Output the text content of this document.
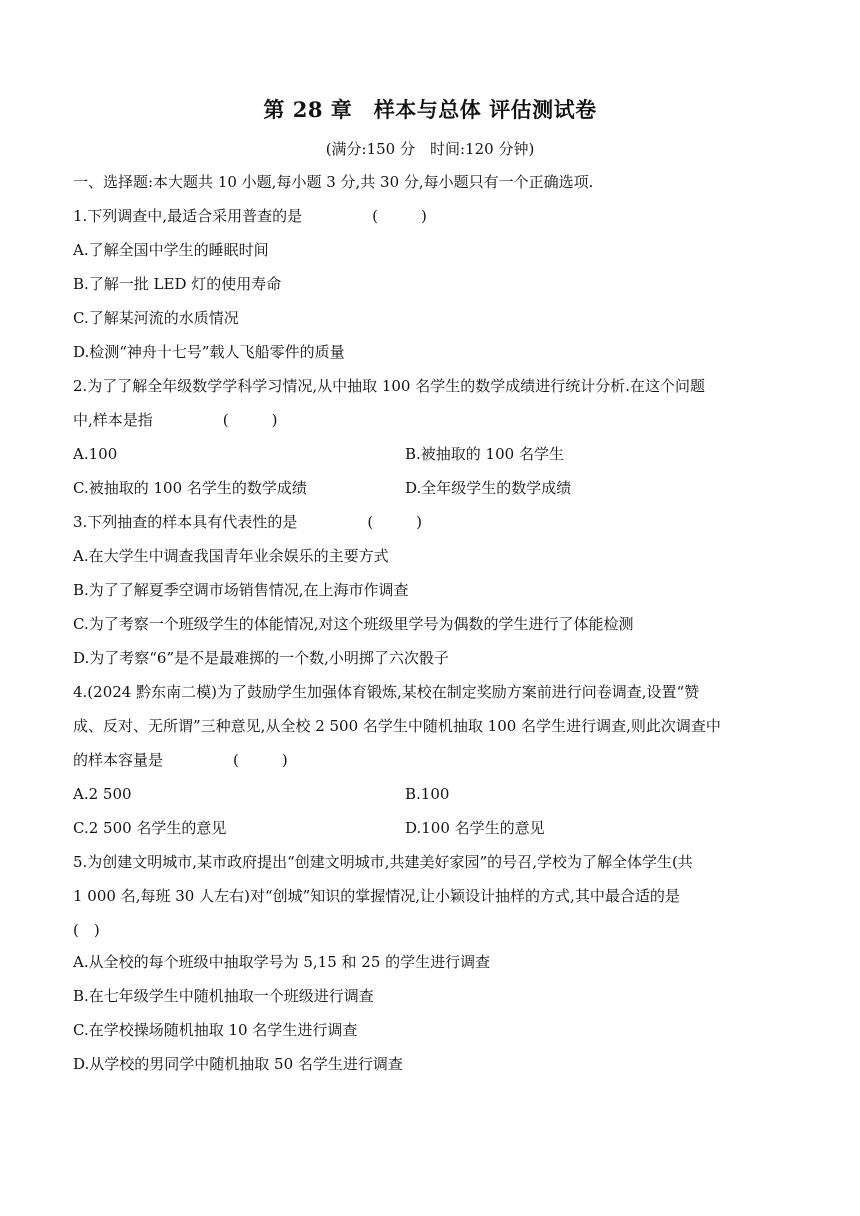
第 28 章　样本与总体 评估测试卷
(满分:150 分　时间:120 分钟)
一、选择题:本大题共 10 小题,每小题 3 分,共 30 分,每小题只有一个正确选项.
1.下列调查中,最适合采用普查的是	(　)
A.了解全国中学生的睡眠时间
B.了解一批 LED 灯的使用寿命
C.了解某河流的水质情况
D.检测“神舟十七号”载人飞船零件的质量
2.为了了解全年级数学学科学习情况,从中抽取 100 名学生的数学成绩进行统计分析.在这个问题
中,样本是指	(　)
A.100	B.被抽取的 100 名学生
C.被抽取的 100 名学生的数学成绩	D.全年级学生的数学成绩
3.下列抽查的样本具有代表性的是	(　)
A.在大学生中调查我国青年业余娱乐的主要方式
B.为了了解夏季空调市场销售情况,在上海市作调查
C.为了考察一个班级学生的体能情况,对这个班级里学号为偶数的学生进行了体能检测
D.为了考察“6”是不是最难掷的一个数,小明掷了六次骰子
4.(2024 黔东南二模)为了鼓励学生加强体育锻炼,某校在制定奖励方案前进行问卷调查,设置“赞
成、反对、无所谓”三种意见,从全校 2 500 名学生中随机抽取 100 名学生进行调查,则此次调查中
的样本容量是	(　)
A.2 500	B.100
C.2 500 名学生的意见	D.100 名学生的意见
5.为创建文明城市,某市政府提出“创建文明城市,共建美好家园”的号召,学校为了解全体学生(共
1 000 名,每班 30 人左右)对“创城”知识的掌握情况,让小颖设计抽样的方式,其中最合适的是
(　)
A.从全校的每个班级中抽取学号为 5,15 和 25 的学生进行调查
B.在七年级学生中随机抽取一个班级进行调查
C.在学校操场随机抽取 10 名学生进行调查
D.从学校的男同学中随机抽取 50 名学生进行调查
